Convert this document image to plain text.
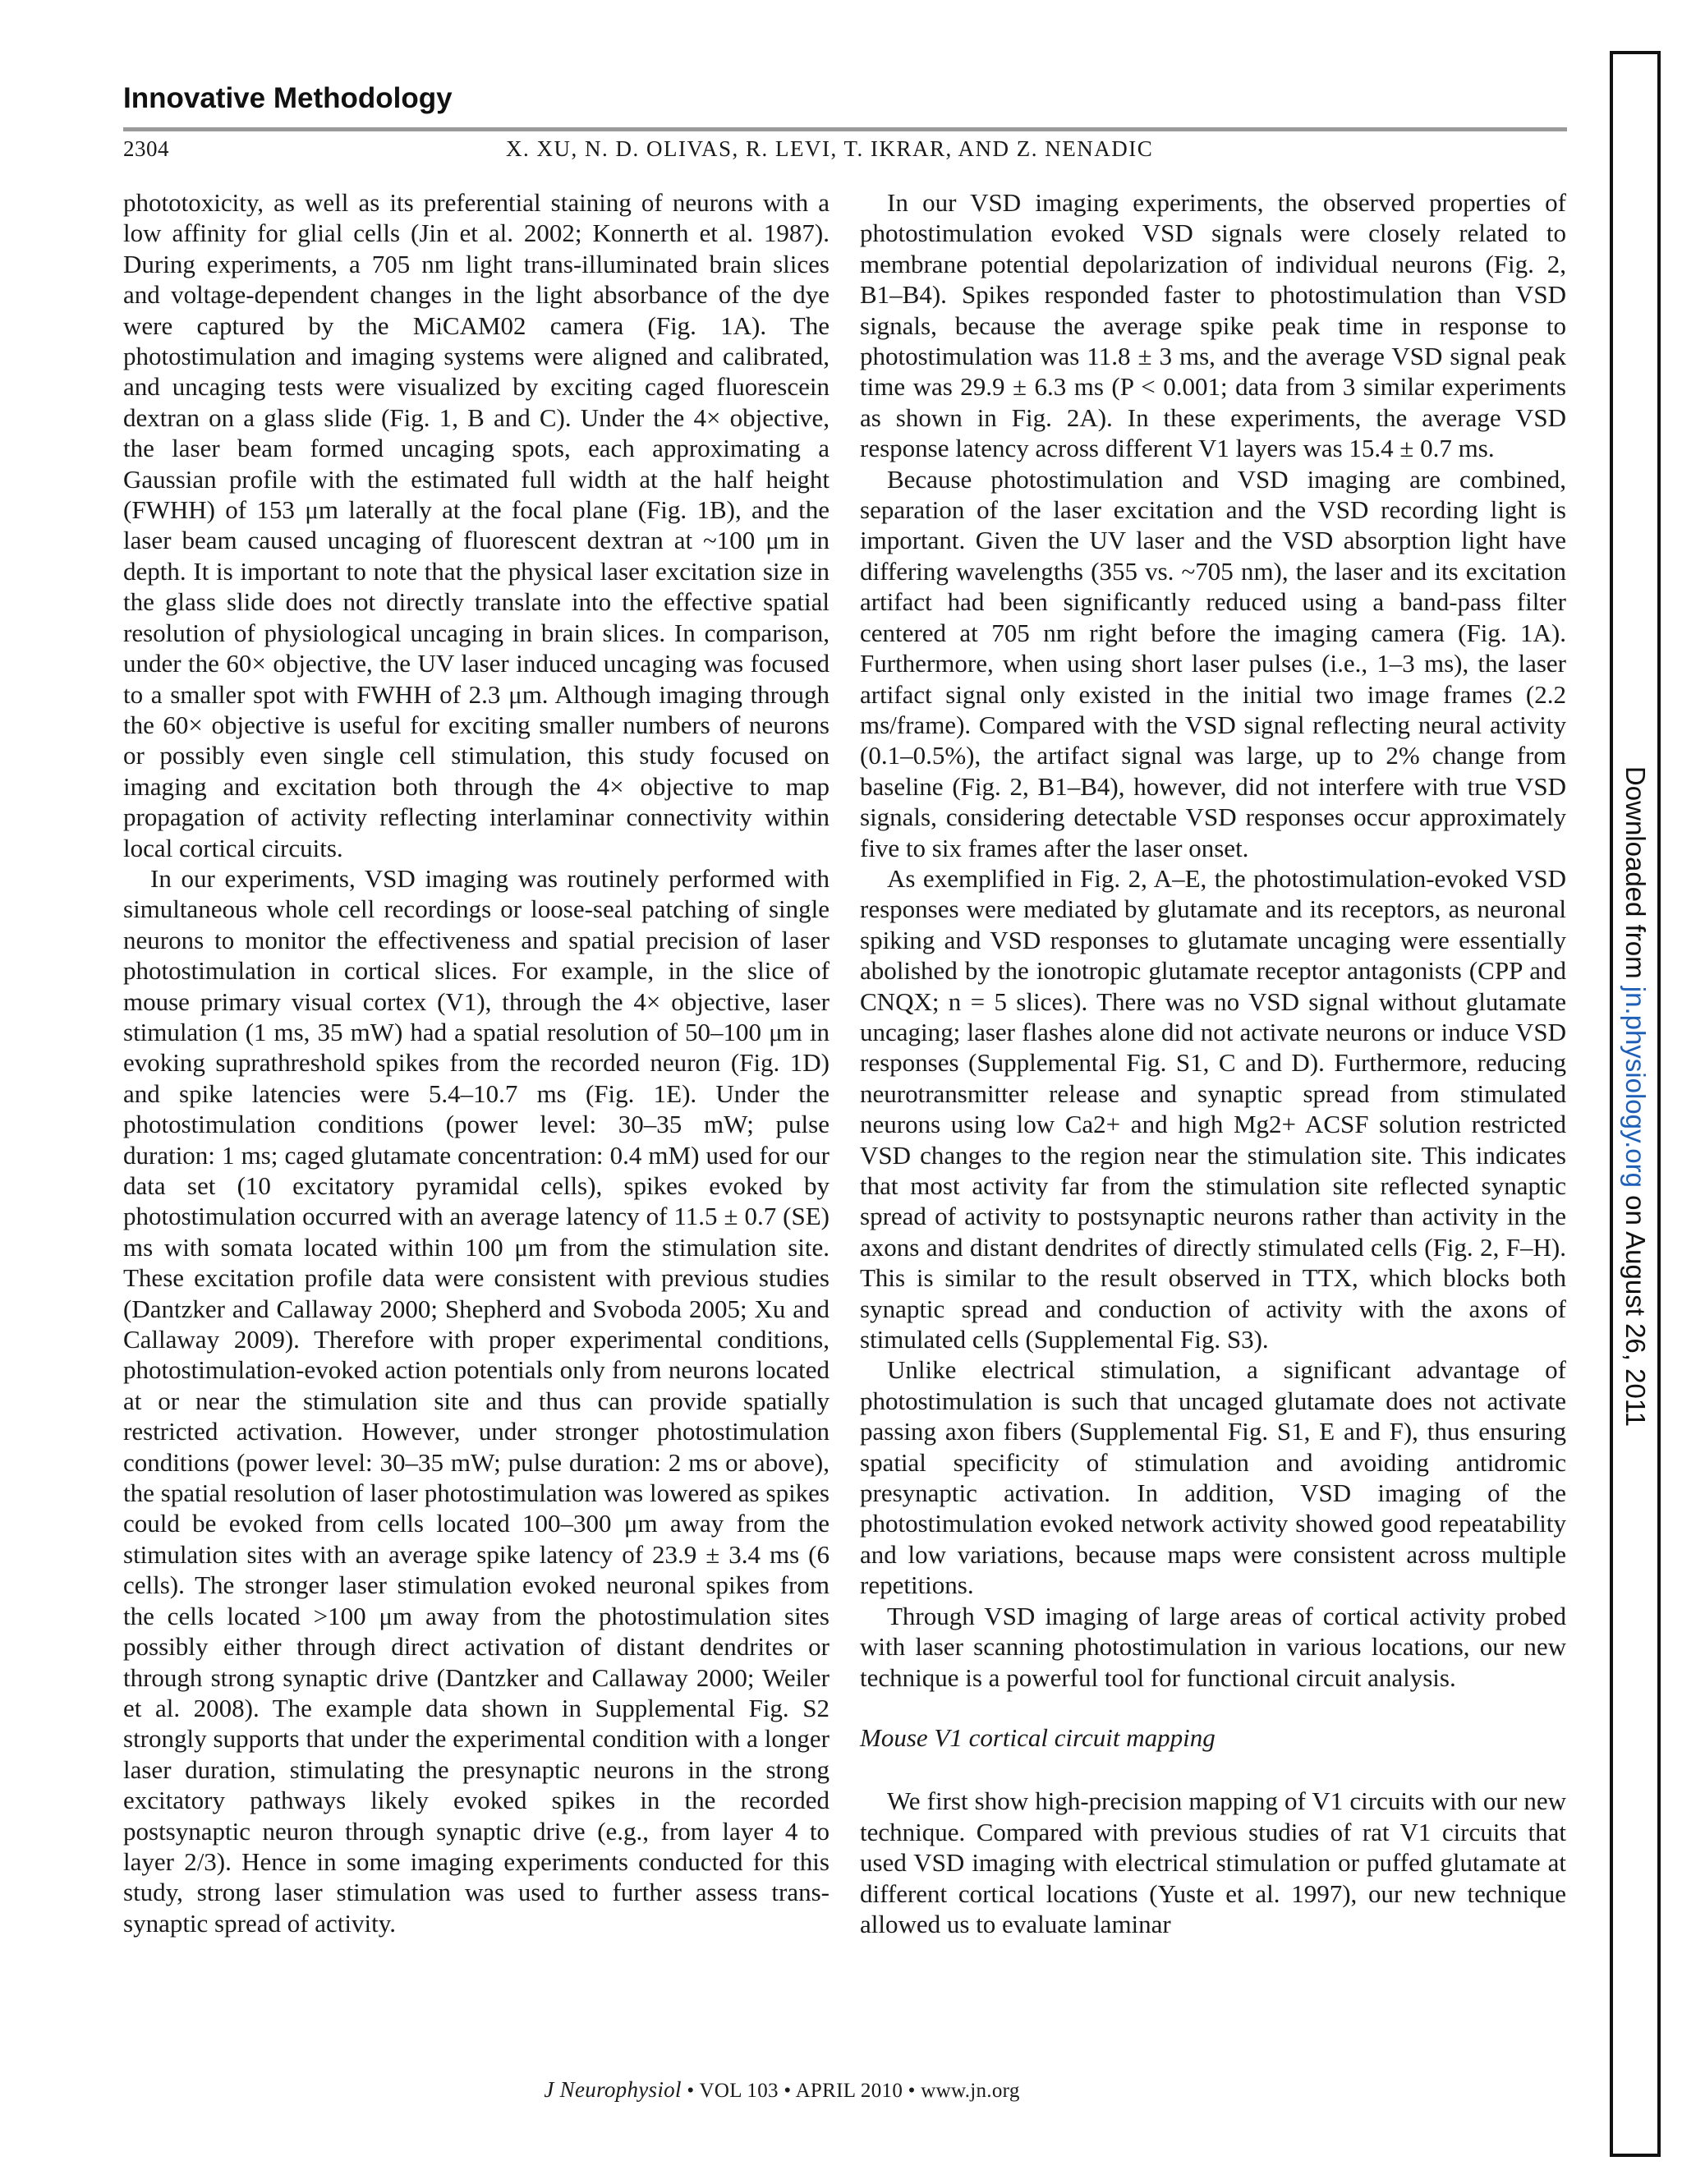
Innovative Methodology
2304	X. XU, N. D. OLIVAS, R. LEVI, T. IKRAR, AND Z. NENADIC

phototoxicity, as well as its preferential staining of neurons with a low affinity for glial cells (Jin et al. 2002; Konnerth et al. 1987). During experiments, a 705 nm light trans-illuminated brain slices and voltage-dependent changes in the light absorbance of the dye were captured by the MiCAM02 camera (Fig. 1A). The photostimulation and imaging systems were aligned and calibrated, and uncaging tests were visualized by exciting caged fluorescein dextran on a glass slide (Fig. 1, B and C). Under the 4× objective, the laser beam formed uncaging spots, each approximating a Gaussian profile with the estimated full width at the half height (FWHH) of 153 μm laterally at the focal plane (Fig. 1B), and the laser beam caused uncaging of fluorescent dextran at ~100 μm in depth. It is important to note that the physical laser excitation size in the glass slide does not directly translate into the effective spatial resolution of physiological uncaging in brain slices. In comparison, under the 60× objective, the UV laser induced uncaging was focused to a smaller spot with FWHH of 2.3 μm. Although imaging through the 60× objective is useful for exciting smaller numbers of neurons or possibly even single cell stimulation, this study focused on imaging and excitation both through the 4× objective to map propagation of activity reflecting interlaminar connectivity within local cortical circuits.

In our experiments, VSD imaging was routinely performed with simultaneous whole cell recordings or loose-seal patching of single neurons to monitor the effectiveness and spatial precision of laser photostimulation in cortical slices. For example, in the slice of mouse primary visual cortex (V1), through the 4× objective, laser stimulation (1 ms, 35 mW) had a spatial resolution of 50–100 μm in evoking suprathreshold spikes from the recorded neuron (Fig. 1D) and spike latencies were 5.4–10.7 ms (Fig. 1E). Under the photostimulation conditions (power level: 30–35 mW; pulse duration: 1 ms; caged glutamate concentration: 0.4 mM) used for our data set (10 excitatory pyramidal cells), spikes evoked by photostimulation occurred with an average latency of 11.5 ± 0.7 (SE) ms with somata located within 100 μm from the stimulation site. These excitation profile data were consistent with previous studies (Dantzker and Callaway 2000; Shepherd and Svoboda 2005; Xu and Callaway 2009). Therefore with proper experimental conditions, photostimulation-evoked action potentials only from neurons located at or near the stimulation site and thus can provide spatially restricted activation. However, under stronger photostimulation conditions (power level: 30–35 mW; pulse duration: 2 ms or above), the spatial resolution of laser photostimulation was lowered as spikes could be evoked from cells located 100–300 μm away from the stimulation sites with an average spike latency of 23.9 ± 3.4 ms (6 cells). The stronger laser stimulation evoked neuronal spikes from the cells located >100 μm away from the photostimulation sites possibly either through direct activation of distant dendrites or through strong synaptic drive (Dantzker and Callaway 2000; Weiler et al. 2008). The example data shown in Supplemental Fig. S2 strongly supports that under the experimental condition with a longer laser duration, stimulating the presynaptic neurons in the strong excitatory pathways likely evoked spikes in the recorded postsynaptic neuron through synaptic drive (e.g., from layer 4 to layer 2/3). Hence in some imaging experiments conducted for this study, strong laser stimulation was used to further assess trans-synaptic spread of activity.

In our VSD imaging experiments, the observed properties of photostimulation evoked VSD signals were closely related to membrane potential depolarization of individual neurons (Fig. 2, B1–B4). Spikes responded faster to photostimulation than VSD signals, because the average spike peak time in response to photostimulation was 11.8 ± 3 ms, and the average VSD signal peak time was 29.9 ± 6.3 ms (P < 0.001; data from 3 similar experiments as shown in Fig. 2A). In these experiments, the average VSD response latency across different V1 layers was 15.4 ± 0.7 ms.

Because photostimulation and VSD imaging are combined, separation of the laser excitation and the VSD recording light is important. Given the UV laser and the VSD absorption light have differing wavelengths (355 vs. ~705 nm), the laser and its excitation artifact had been significantly reduced using a band-pass filter centered at 705 nm right before the imaging camera (Fig. 1A). Furthermore, when using short laser pulses (i.e., 1–3 ms), the laser artifact signal only existed in the initial two image frames (2.2 ms/frame). Compared with the VSD signal reflecting neural activity (0.1–0.5%), the artifact signal was large, up to 2% change from baseline (Fig. 2, B1–B4), however, did not interfere with true VSD signals, considering detectable VSD responses occur approximately five to six frames after the laser onset.

As exemplified in Fig. 2, A–E, the photostimulation-evoked VSD responses were mediated by glutamate and its receptors, as neuronal spiking and VSD responses to glutamate uncaging were essentially abolished by the ionotropic glutamate receptor antagonists (CPP and CNQX; n = 5 slices). There was no VSD signal without glutamate uncaging; laser flashes alone did not activate neurons or induce VSD responses (Supplemental Fig. S1, C and D). Furthermore, reducing neurotransmitter release and synaptic spread from stimulated neurons using low Ca2+ and high Mg2+ ACSF solution restricted VSD changes to the region near the stimulation site. This indicates that most activity far from the stimulation site reflected synaptic spread of activity to postsynaptic neurons rather than activity in the axons and distant dendrites of directly stimulated cells (Fig. 2, F–H). This is similar to the result observed in TTX, which blocks both synaptic spread and conduction of activity with the axons of stimulated cells (Supplemental Fig. S3).

Unlike electrical stimulation, a significant advantage of photostimulation is such that uncaged glutamate does not activate passing axon fibers (Supplemental Fig. S1, E and F), thus ensuring spatial specificity of stimulation and avoiding antidromic presynaptic activation. In addition, VSD imaging of the photostimulation evoked network activity showed good repeatability and low variations, because maps were consistent across multiple repetitions.

Through VSD imaging of large areas of cortical activity probed with laser scanning photostimulation in various locations, our new technique is a powerful tool for functional circuit analysis.

Mouse V1 cortical circuit mapping

We first show high-precision mapping of V1 circuits with our new technique. Compared with previous studies of rat V1 circuits that used VSD imaging with electrical stimulation or puffed glutamate at different cortical locations (Yuste et al. 1997), our new technique allowed us to evaluate laminar

J Neurophysiol • VOL 103 • APRIL 2010 • www.jn.org
Downloaded from jn.physiology.org on August 26, 2011
